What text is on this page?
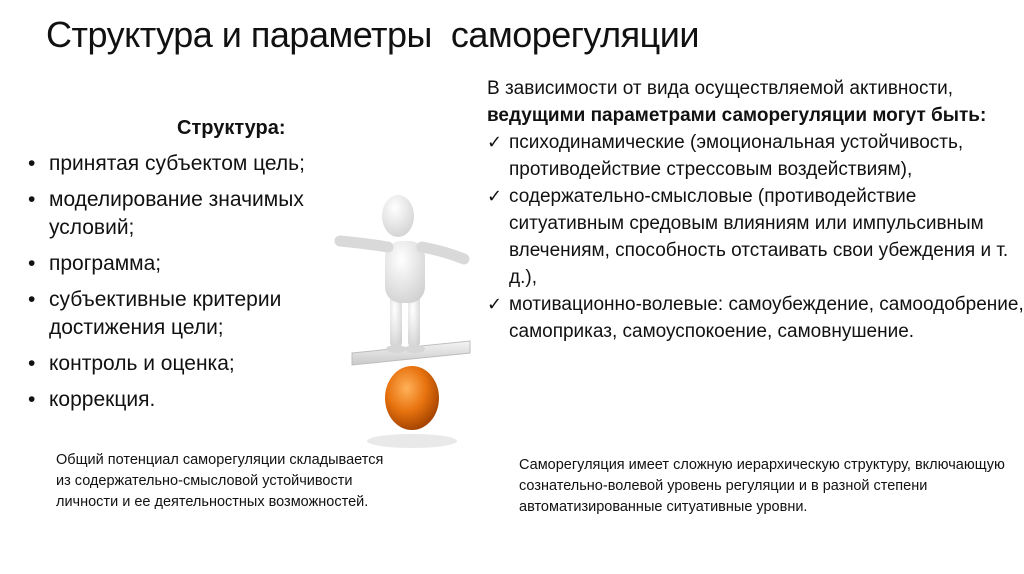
Структура и параметры  саморегуляции
Структура:
• принятая субъектом цель;
• моделирование значимых условий;
• программа;
• субъективные критерии достижения цели;
• контроль и оценка;
• коррекция.
Общий потенциал саморегуляции складывается из содержательно-смысловой устойчивости личности и ее деятельностных возможностей.
В зависимости от вида осуществляемой активности, ведущими параметрами саморегуляции могут быть:
✓ психодинамические (эмоциональная устойчивость, противодействие стрессовым воздействиям),
✓ содержательно-смысловые (противодействие ситуативным средовым влияниям или импульсивным влечениям, способность отстаивать свои убеждения и т. д.),
✓ мотивационно-волевые: самоубеждение, самоодобрение, самоприказ, самоуспокоение, самовнушение.
Саморегуляция имеет сложную иерархическую структуру, включающую сознательно-волевой уровень регуляции и в разной степени автоматизированные ситуативные уровни.
